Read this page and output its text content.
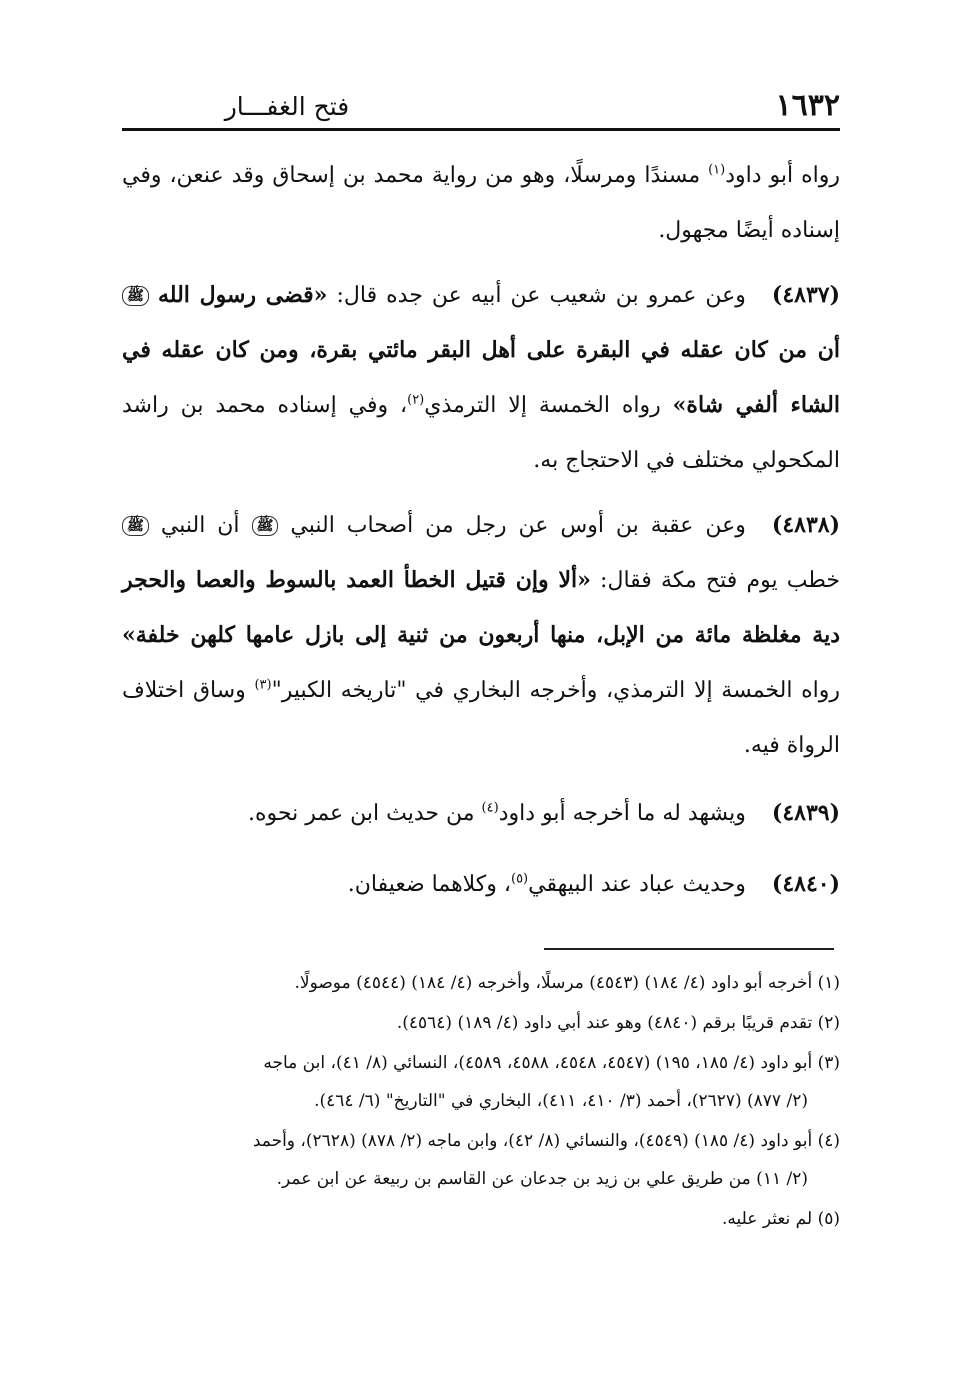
١٦٣٢
فتح الغفـــار

رواه أبو داود$^{(١)}$ مسندًا ومرسلًا، وهو من رواية محمد بن إسحاق وقد عنعن، وفي إسناده أيضًا مجهول.

(٤٨٣٧)وعن عمرو بن شعيب عن أبيه عن جده قال: «قضى رسول الله ﷺ أن من كان عقله في البقرة على أهل البقر مائتي بقرة، ومن كان عقله في الشاء ألفي شاة» رواه الخمسة إلا الترمذي$^{(٢)}$، وفي إسناده محمد بن راشد المكحولي مختلف في الاحتجاج به.

(٤٨٣٨)وعن عقبة بن أوس عن رجل من أصحاب النبي ﷺ أن النبي ﷺ خطب يوم فتح مكة فقال: «ألا وإن قتيل الخطأ العمد بالسوط والعصا والحجر دية مغلظة مائة من الإبل، منها أربعون من ثنية إلى بازل عامها كلهن خلفة» رواه الخمسة إلا الترمذي، وأخرجه البخاري في "تاريخه الكبير"$^{(٣)}$ وساق اختلاف الرواة فيه.

(٤٨٣٩)ويشهد له ما أخرجه أبو داود$^{(٤)}$ من حديث ابن عمر نحوه.

(٤٨٤٠)وحديث عباد عند البيهقي$^{(٥)}$، وكلاهما ضعيفان.

(١) أخرجه أبو داود (٤/ ١٨٤) (٤٥٤٣) مرسلًا، وأخرجه (٤/ ١٨٤) (٤٥٤٤) موصولًا.

(٢) تقدم قريبًا برقم (٤٨٤٠) وهو عند أبي داود (٤/ ١٨٩) (٤٥٦٤).

(٣) أبو داود (٤/ ١٨٥، ١٩٥) (٤٥٤٧، ٤٥٤٨، ٤٥٨٨، ٤٥٨٩)، النسائي (٨/ ٤١)، ابن ماجه
(٢/ ٨٧٧) (٢٦٢٧)، أحمد (٣/ ٤١٠، ٤١١)، البخاري في "التاريخ" (٦/ ٤٦٤).

(٤) أبو داود (٤/ ١٨٥) (٤٥٤٩)، والنسائي (٨/ ٤٢)، وابن ماجه (٢/ ٨٧٨) (٢٦٢٨)، وأحمد
(٢/ ١١) من طريق علي بن زيد بن جدعان عن القاسم بن ربيعة عن ابن عمر.

(٥) لم نعثر عليه.
